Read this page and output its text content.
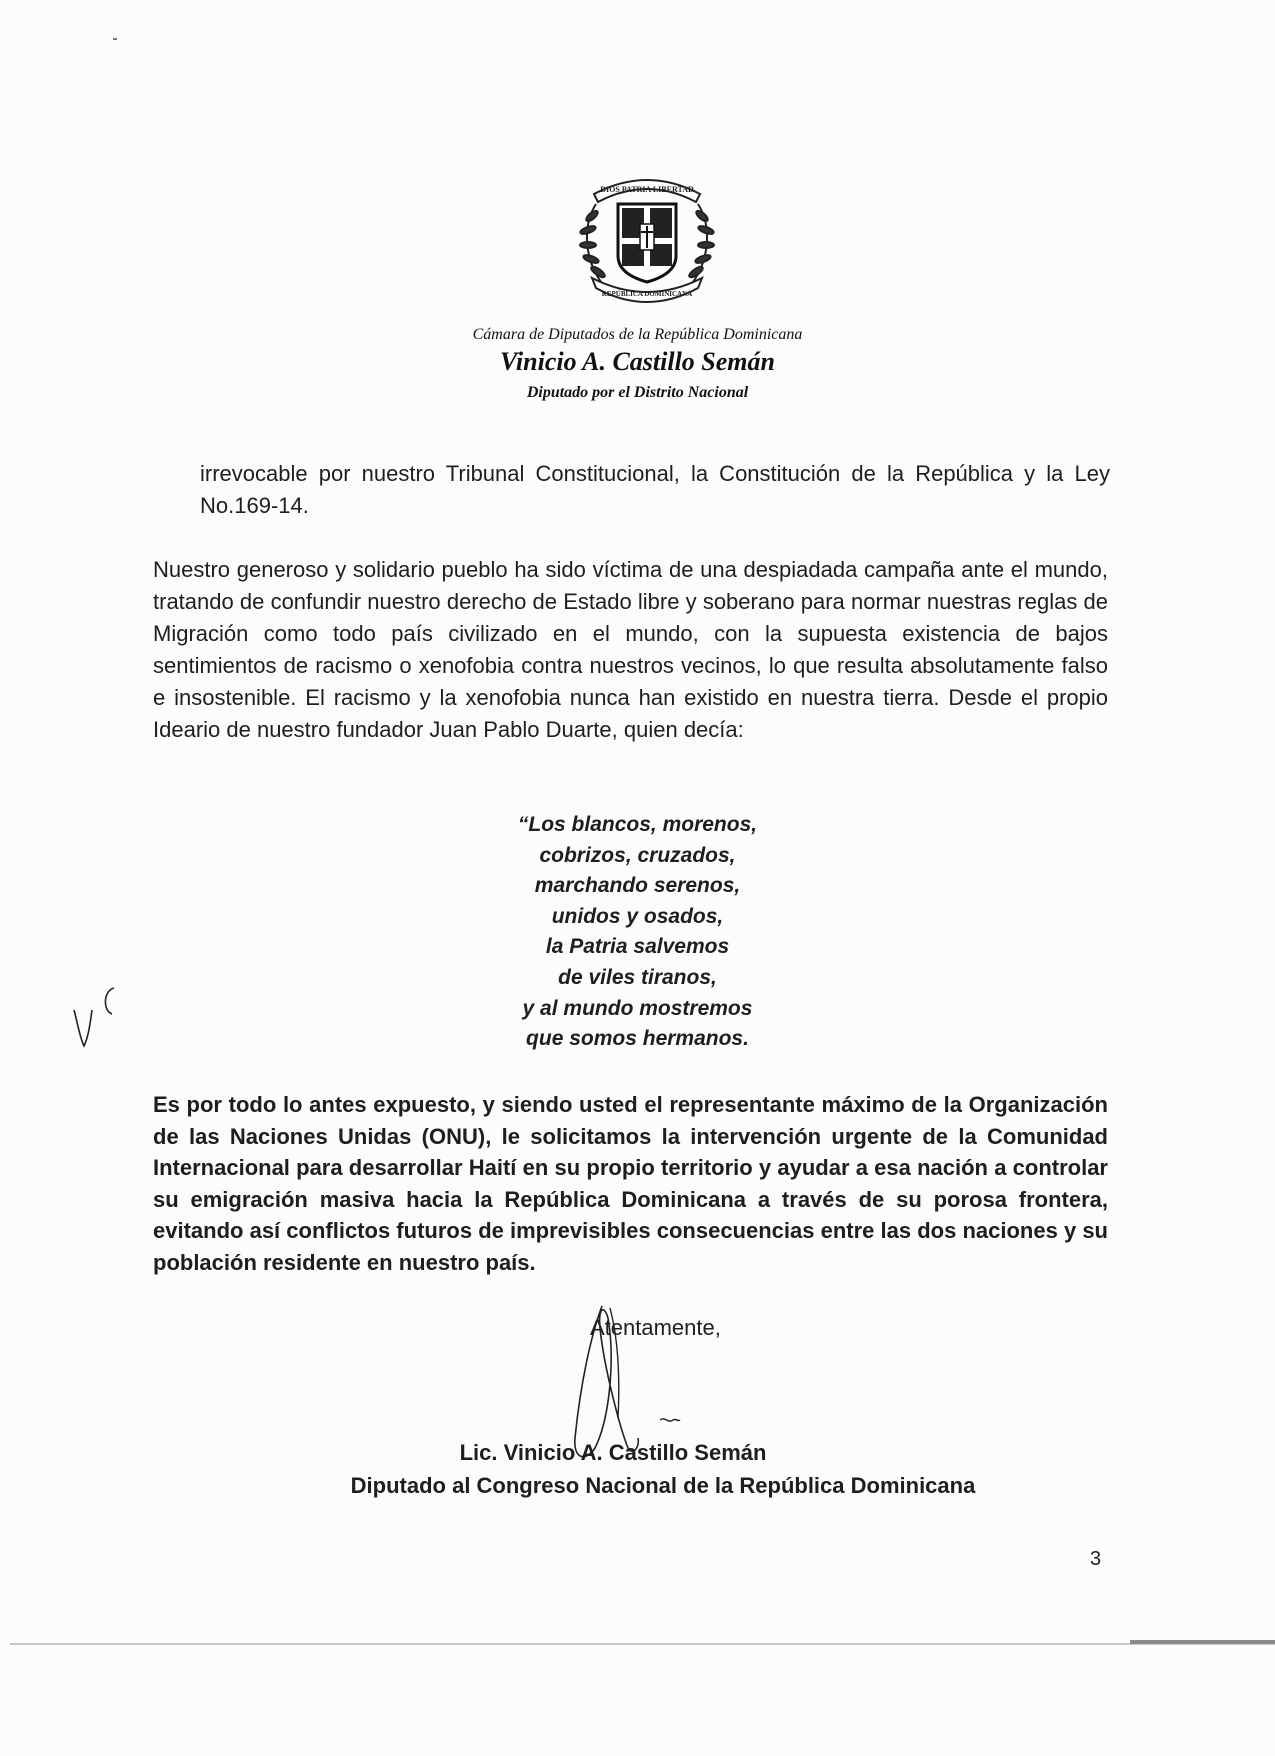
DIOS PATRIA LIBERTAD
REPÚBLICA DOMINICANA
Cámara de Diputados de la República Dominicana
Vinicio A. Castillo Semán
Diputado por el Distrito Nacional

irrevocable por nuestro Tribunal Constitucional, la Constitución de la República y la Ley No.169-14.

Nuestro generoso y solidario pueblo ha sido víctima de una despiadada campaña ante el mundo, tratando de confundir nuestro derecho de Estado libre y soberano para normar nuestras reglas de Migración como todo país civilizado en el mundo, con la supuesta existencia de bajos sentimientos de racismo o xenofobia contra nuestros vecinos, lo que resulta absolutamente falso e insostenible. El racismo y la xenofobia nunca han existido en nuestra tierra. Desde el propio Ideario de nuestro fundador Juan Pablo Duarte, quien decía:

“Los blancos, morenos,
cobrizos, cruzados,
marchando serenos,
unidos y osados,
la Patria salvemos
de viles tiranos,
y al mundo mostremos
que somos hermanos.

Es por todo lo antes expuesto, y siendo usted el representante máximo de la Organización de las Naciones Unidas (ONU), le solicitamos la intervención urgente de la Comunidad Internacional para desarrollar Haití en su propio territorio y ayudar a esa nación a controlar su emigración masiva hacia la República Dominicana a través de su porosa frontera, evitando así conflictos futuros de imprevisibles consecuencias entre las dos naciones y su población residente en nuestro país.

Atentamente,
Lic. Vinicio A. Castillo Semán
Diputado al Congreso Nacional de la República Dominicana
3
